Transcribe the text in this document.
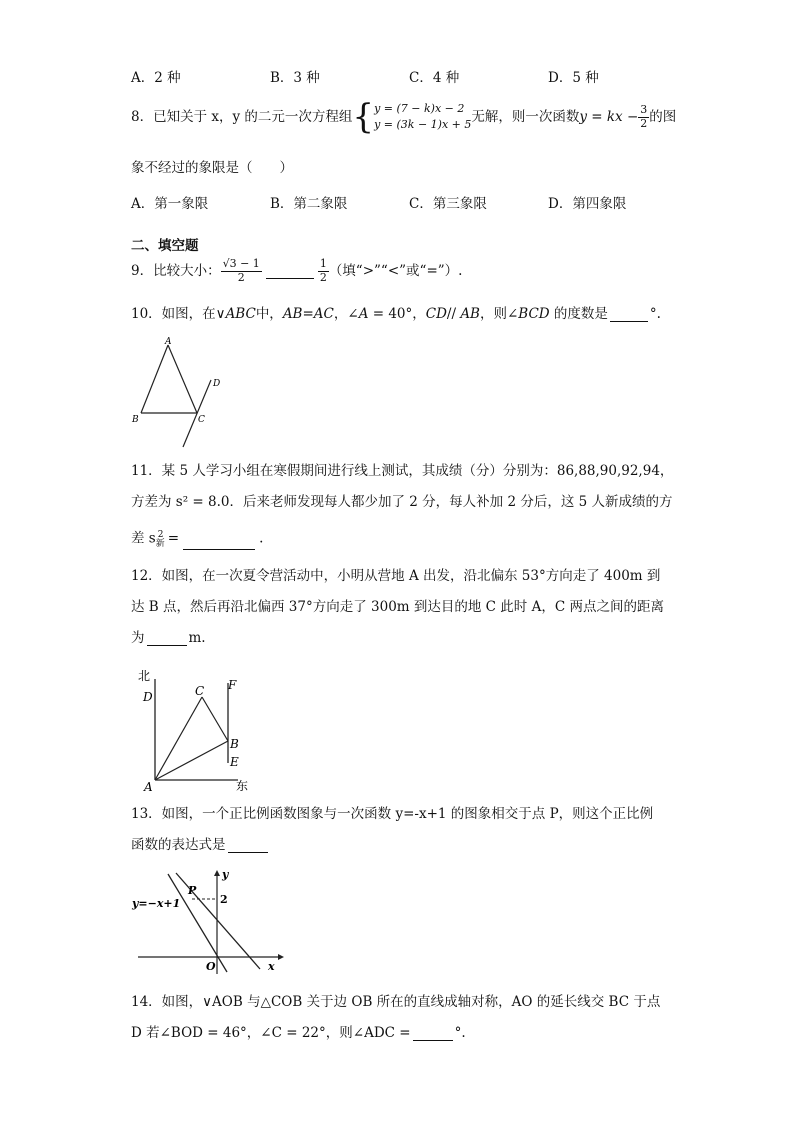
A．2 种	B．3 种	C．4 种	D．5 种
8．已知关于 x，y 的二元一次方程组{ y = (7 − k)x − 2
y = (3k − 1)x + 5 无解，则一次函数y = kx − $\frac{3}{2}$ 的图
象不经过的象限是（　　）
A．第一象限	B．第二象限	C．第三象限	D．第四象限
二、填空题
9．比较大小： $\frac{√3 - 1}{2}$	$\frac{1}{2}$ （填“>”“<”或“=”）.
10．如图，在∨ABC中，AB=AC，∠A = 40°，CD// AB，则∠BCD 的度数是	°.
A
B	C
D
11．某 5 人学习小组在寒假期间进行线上测试，其成绩（分）分别为：86,88,90,92,94，
方差为 s² = 8.0．后来老师发现每人都少加了 2 分，每人补加 2 分后，这 5 人新成绩的方
差 $s_新^2$ =	.
12．如图，在一次夏令营活动中，小明从营地 A 出发，沿北偏东 53°方向走了 400m 到
达 B 点，然后再沿北偏西 37°方向走了 300m 到达目的地 C 此时 A，C 两点之间的距离
为	m.
北
D	C F
B
E
A	东
13．如图，一个正比例函数图象与一次函数 y=-x+1 的图象相交于点 P，则这个正比例
函数的表达式是
y=−x+1
P
2
y
x
O
14．如图，∨AOB 与△COB 关于边 OB 所在的直线成轴对称，AO 的延长线交 BC 于点
D 若∠BOD = 46°，∠C = 22°，则∠ADC =	°.
